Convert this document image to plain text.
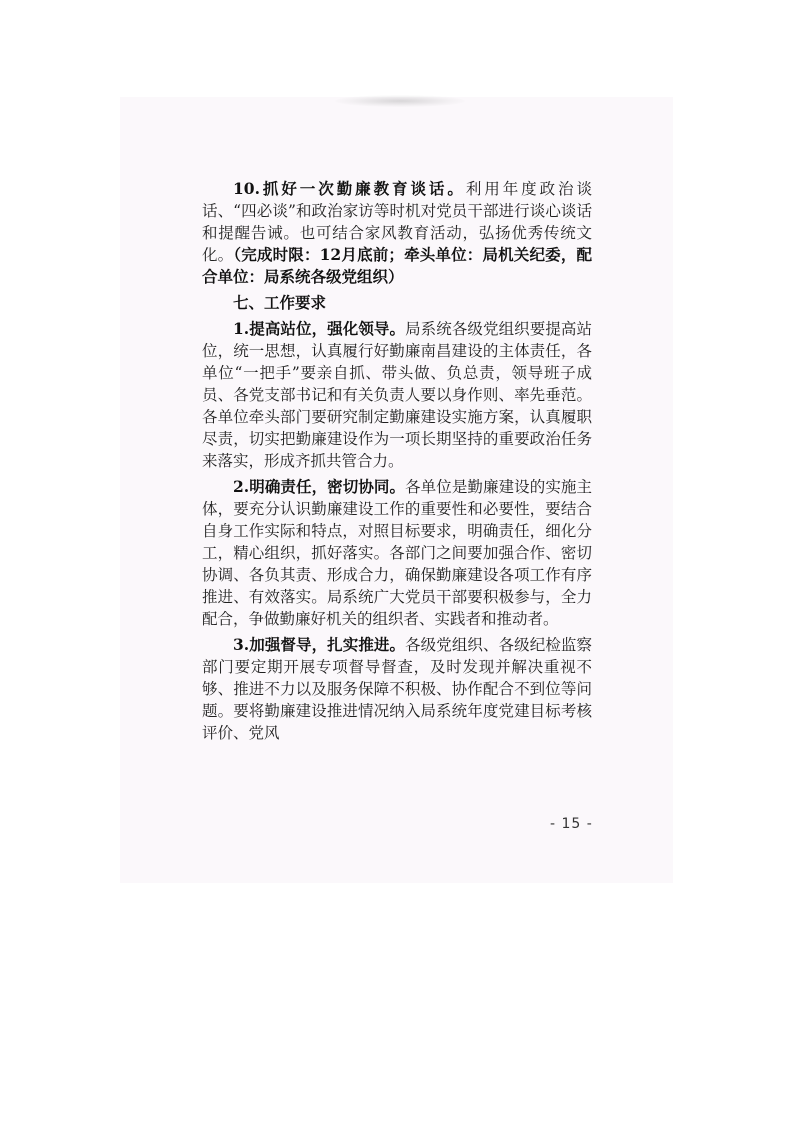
10.抓好一次勤廉教育谈话。利用年度政治谈话、“四必谈”和政治家访等时机对党员干部进行谈心谈话和提醒告诫。也可结合家风教育活动，弘扬优秀传统文化。（完成时限：12月底前；牵头单位：局机关纪委，配合单位：局系统各级党组织）

七、工作要求

1.提高站位，强化领导。局系统各级党组织要提高站位，统一思想，认真履行好勤廉南昌建设的主体责任，各单位“一把手”要亲自抓、带头做、负总责，领导班子成员、各党支部书记和有关负责人要以身作则、率先垂范。各单位牵头部门要研究制定勤廉建设实施方案，认真履职尽责，切实把勤廉建设作为一项长期坚持的重要政治任务来落实，形成齐抓共管合力。

2.明确责任，密切协同。各单位是勤廉建设的实施主体，要充分认识勤廉建设工作的重要性和必要性，要结合自身工作实际和特点，对照目标要求，明确责任，细化分工，精心组织，抓好落实。各部门之间要加强合作、密切协调、各负其责、形成合力，确保勤廉建设各项工作有序推进、有效落实。局系统广大党员干部要积极参与，全力配合，争做勤廉好机关的组织者、实践者和推动者。

3.加强督导，扎实推进。各级党组织、各级纪检监察部门要定期开展专项督导督查，及时发现并解决重视不够、推进不力以及服务保障不积极、协作配合不到位等问题。要将勤廉建设推进情况纳入局系统年度党建目标考核评价、党风

- 15 -
